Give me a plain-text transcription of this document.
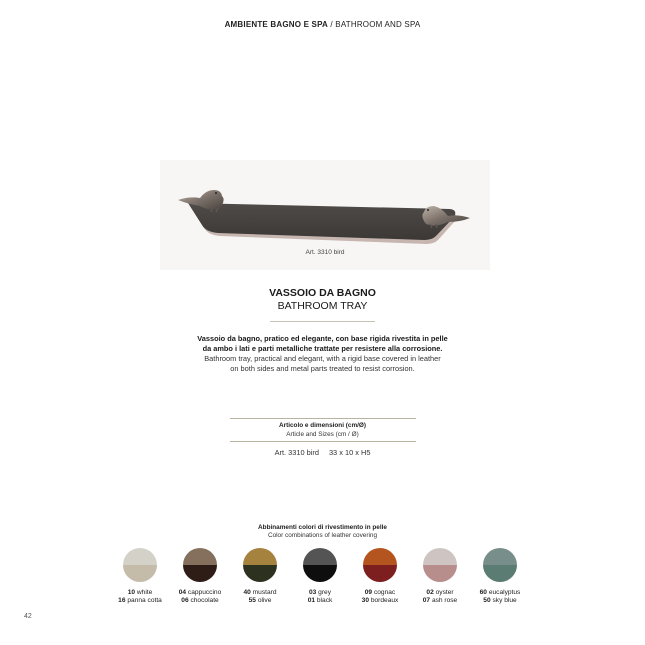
AMBIENTE BAGNO E SPA / BATHROOM AND SPA
Art. 3310 bird
VASSOIO DA BAGNO
BATHROOM TRAY
Vassoio da bagno, pratico ed elegante, con base rigida rivestita in pelle
da ambo i lati e parti metalliche trattate per resistere alla corrosione.
Bathroom tray, practical and elegant, with a rigid base covered in leather
on both sides and metal parts treated to resist corrosion.
Articolo e dimensioni (cm/Ø)
Article and Sizes (cm / Ø)
Art. 3310 bird 33 x 10 x H5
Abbinamenti colori di rivestimento in pelle
Color combinations of leather covering
10 white
16 panna cotta
04 cappuccino
06 chocolate
40 mustard
55 olive
03 grey
01 black
09 cognac
30 bordeaux
02 oyster
07 ash rose
60 eucalyptus
50 sky blue
42
